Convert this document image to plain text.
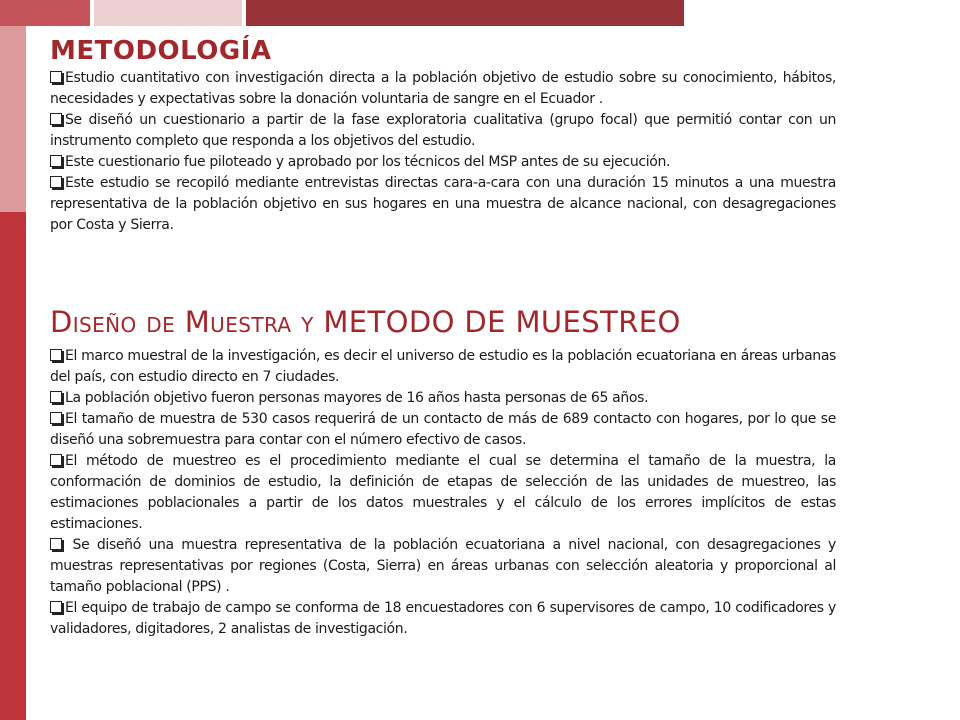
METODOLOGÍA
Estudio cuantitativo con investigación directa a la población objetivo de estudio sobre su conocimiento, hábitos, necesidades y expectativas sobre la donación voluntaria de sangre en el Ecuador .
Se diseñó un cuestionario a partir de la fase exploratoria cualitativa (grupo focal) que permitió contar con un instrumento completo que responda a los objetivos del estudio.
Este cuestionario fue piloteado y aprobado por los técnicos del MSP antes de su ejecución.
Este estudio se recopiló mediante entrevistas directas cara-a-cara con una duración 15 minutos a una muestra representativa de la población objetivo en sus hogares en una muestra de alcance nacional, con desagregaciones por Costa y Sierra.
Diseño de Muestra y METODO DE MUESTREO
El marco muestral de la investigación, es decir el universo de estudio es la población ecuatoriana en áreas urbanas del país, con estudio directo en 7 ciudades.
La población objetivo fueron personas mayores de 16 años hasta personas de 65 años.
El tamaño de muestra de 530 casos requerirá de un contacto de más de 689 contacto con hogares, por lo que se diseñó una sobremuestra para contar con el número efectivo de casos.
El método de muestreo es el procedimiento mediante el cual se determina el tamaño de la muestra, la conformación de dominios de estudio, la definición de etapas de selección de las unidades de muestreo, las estimaciones poblacionales a partir de los datos muestrales y el cálculo de los errores implícitos de estas estimaciones.
Se diseñó una muestra representativa de la población ecuatoriana a nivel nacional, con desagregaciones y muestras representativas por regiones (Costa, Sierra) en áreas urbanas con selección aleatoria y proporcional al tamaño poblacional (PPS) .
El equipo de trabajo de campo se conforma de 18 encuestadores con 6 supervisores de campo, 10 codificadores y validadores, digitadores, 2 analistas de investigación.
